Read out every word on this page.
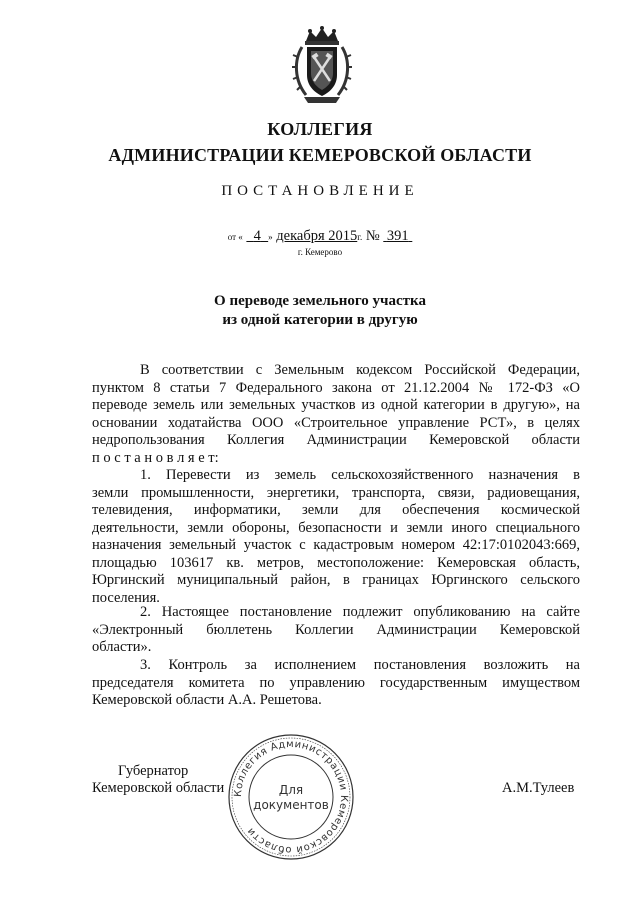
КОЛЛЕГИЯ
АДМИНИСТРАЦИИ КЕМЕРОВСКОЙ ОБЛАСТИ
ПОСТАНОВЛЕНИЕ
от « 4 » декабря 2015г. № 391
г. Кемерово
О переводе земельного участка
из одной категории в другую
В соответствии с Земельным кодексом Российской Федерации,
пунктом 8 статьи 7 Федерального закона от 21.12.2004 № 172-ФЗ «О
переводе земель или земельных участков из одной категории в другую», на
основании ходатайства ООО «Строительное управление РСТ», в целях
недропользования Коллегия Администрации Кемеровской области
п о с т а н о в л я е т:
1. Перевести из земель сельскохозяйственного назначения в
земли промышленности, энергетики, транспорта, связи, радиовещания,
телевидения, информатики, земли для обеспечения космической
деятельности, земли обороны, безопасности и земли иного специального
назначения земельный участок с кадастровым номером 42:17:0102043:669,
площадью 103617 кв. метров, местоположение: Кемеровская область,
Юргинский муниципальный район, в границах Юргинского сельского
поселения.
2. Настоящее постановление подлежит опубликованию на сайте
«Электронный бюллетень Коллегии Администрации Кемеровской
области».
3. Контроль за исполнением постановления возложить на
председателя комитета по управлению государственным имуществом
Кемеровской области А.А. Решетова.
Губернатор
Кемеровской области	А.М.Тулеев
Коллегия Администрации Кемеровской области
Для
документов
